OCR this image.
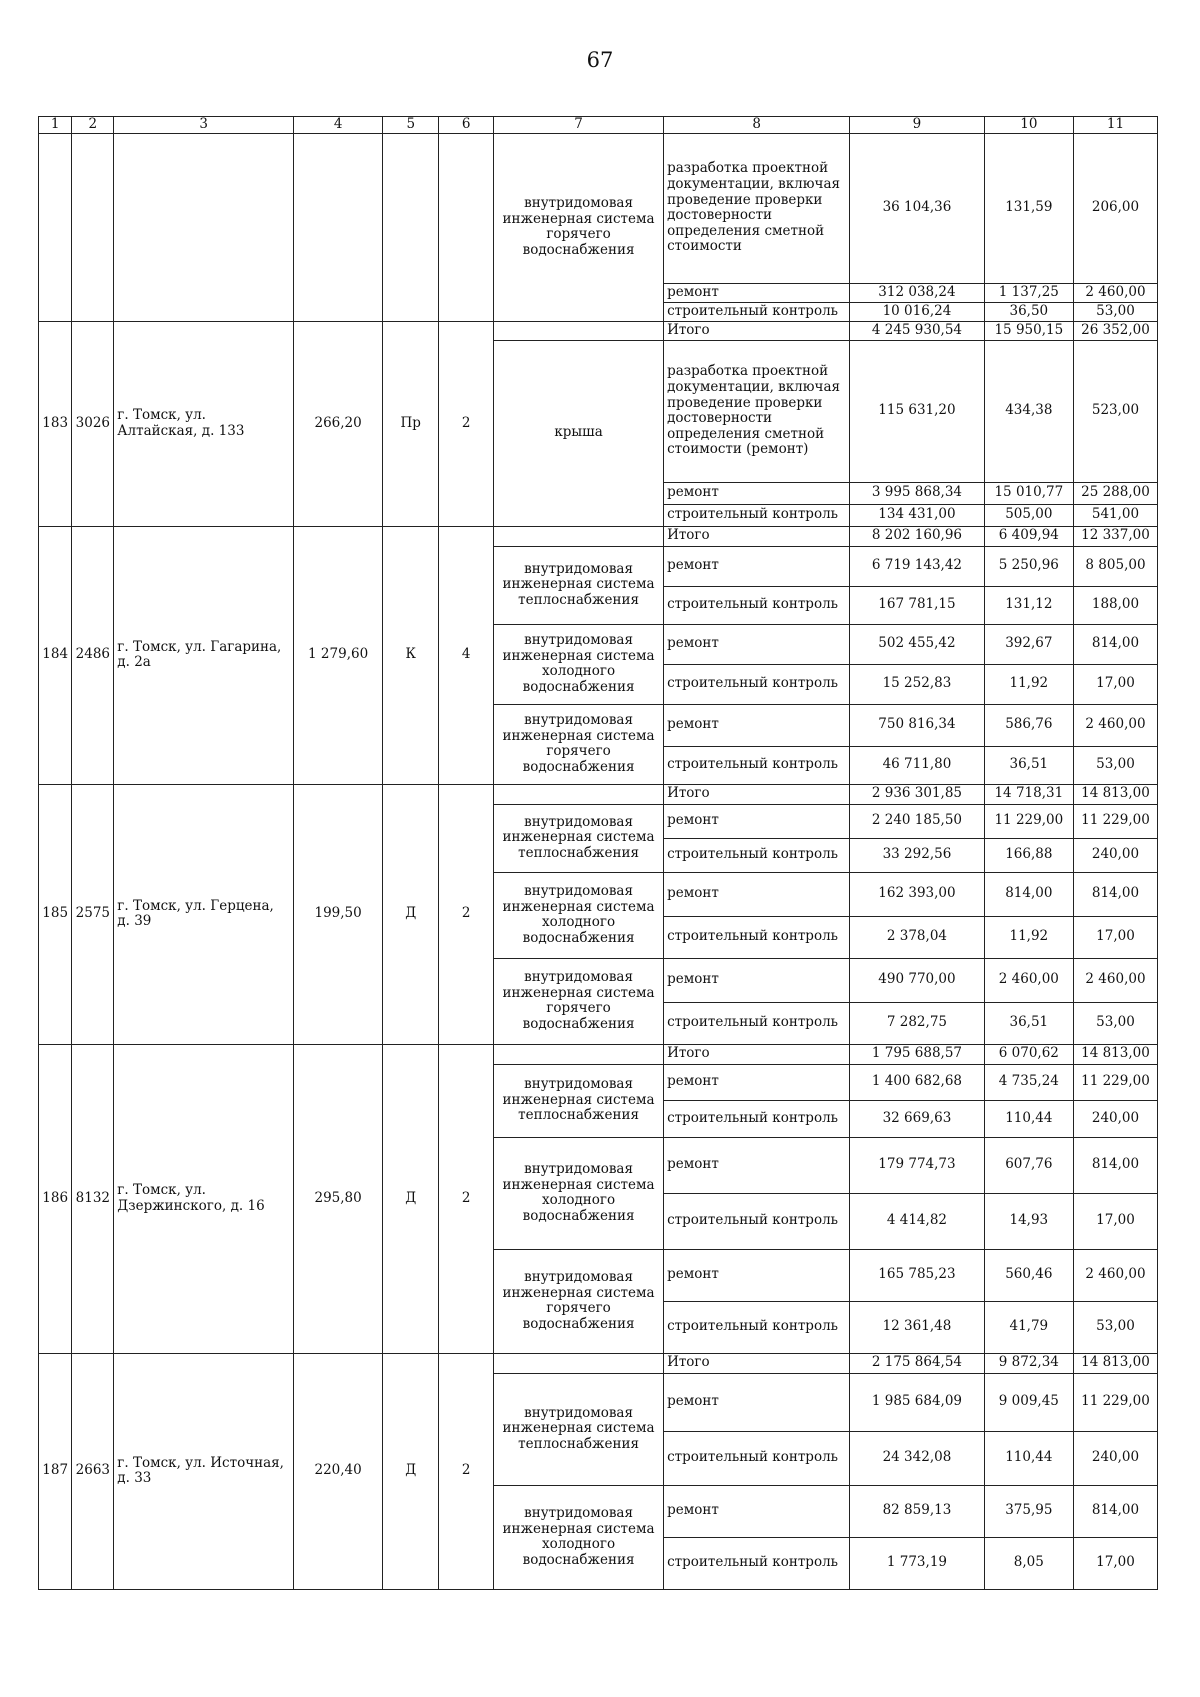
67
1	2	3	4	5	6	7	8	9	10	11
						внутридомовая инженерная система горячего водоснабжения	разработка проектной документации, включая проведение проверки достоверности определения сметной стоимости	36 104,36	131,59	206,00
ремонт	312 038,24	1 137,25	2 460,00
строительный контроль	10 016,24	36,50	53,00
183	3026	г. Томск, ул. Алтайская, д. 133	266,20	Пр	2		Итого	4 245 930,54	15 950,15	26 352,00
крыша	разработка проектной документации, включая проведение проверки достоверности определения сметной стоимости (ремонт)	115 631,20	434,38	523,00
ремонт	3 995 868,34	15 010,77	25 288,00
строительный контроль	134 431,00	505,00	541,00
184	2486	г. Томск, ул. Гагарина, д. 2а	1 279,60	К	4		Итого	8 202 160,96	6 409,94	12 337,00
внутридомовая инженерная система теплоснабжения	ремонт	6 719 143,42	5 250,96	8 805,00
строительный контроль	167 781,15	131,12	188,00
внутридомовая инженерная система холодного водоснабжения	ремонт	502 455,42	392,67	814,00
строительный контроль	15 252,83	11,92	17,00
внутридомовая инженерная система горячего водоснабжения	ремонт	750 816,34	586,76	2 460,00
строительный контроль	46 711,80	36,51	53,00
185	2575	г. Томск, ул. Герцена, д. 39	199,50	Д	2		Итого	2 936 301,85	14 718,31	14 813,00
внутридомовая инженерная система теплоснабжения	ремонт	2 240 185,50	11 229,00	11 229,00
строительный контроль	33 292,56	166,88	240,00
внутридомовая инженерная система холодного водоснабжения	ремонт	162 393,00	814,00	814,00
строительный контроль	2 378,04	11,92	17,00
внутридомовая инженерная система горячего водоснабжения	ремонт	490 770,00	2 460,00	2 460,00
строительный контроль	7 282,75	36,51	53,00
186	8132	г. Томск, ул. Дзержинского, д. 16	295,80	Д	2		Итого	1 795 688,57	6 070,62	14 813,00
внутридомовая инженерная система теплоснабжения	ремонт	1 400 682,68	4 735,24	11 229,00
строительный контроль	32 669,63	110,44	240,00
внутридомовая инженерная система холодного водоснабжения	ремонт	179 774,73	607,76	814,00
строительный контроль	4 414,82	14,93	17,00
внутридомовая инженерная система горячего водоснабжения	ремонт	165 785,23	560,46	2 460,00
строительный контроль	12 361,48	41,79	53,00
187	2663	г. Томск, ул. Источная, д. 33	220,40	Д	2		Итого	2 175 864,54	9 872,34	14 813,00
внутридомовая инженерная система теплоснабжения	ремонт	1 985 684,09	9 009,45	11 229,00
строительный контроль	24 342,08	110,44	240,00
внутридомовая инженерная система холодного водоснабжения	ремонт	82 859,13	375,95	814,00
строительный контроль	1 773,19	8,05	17,00
